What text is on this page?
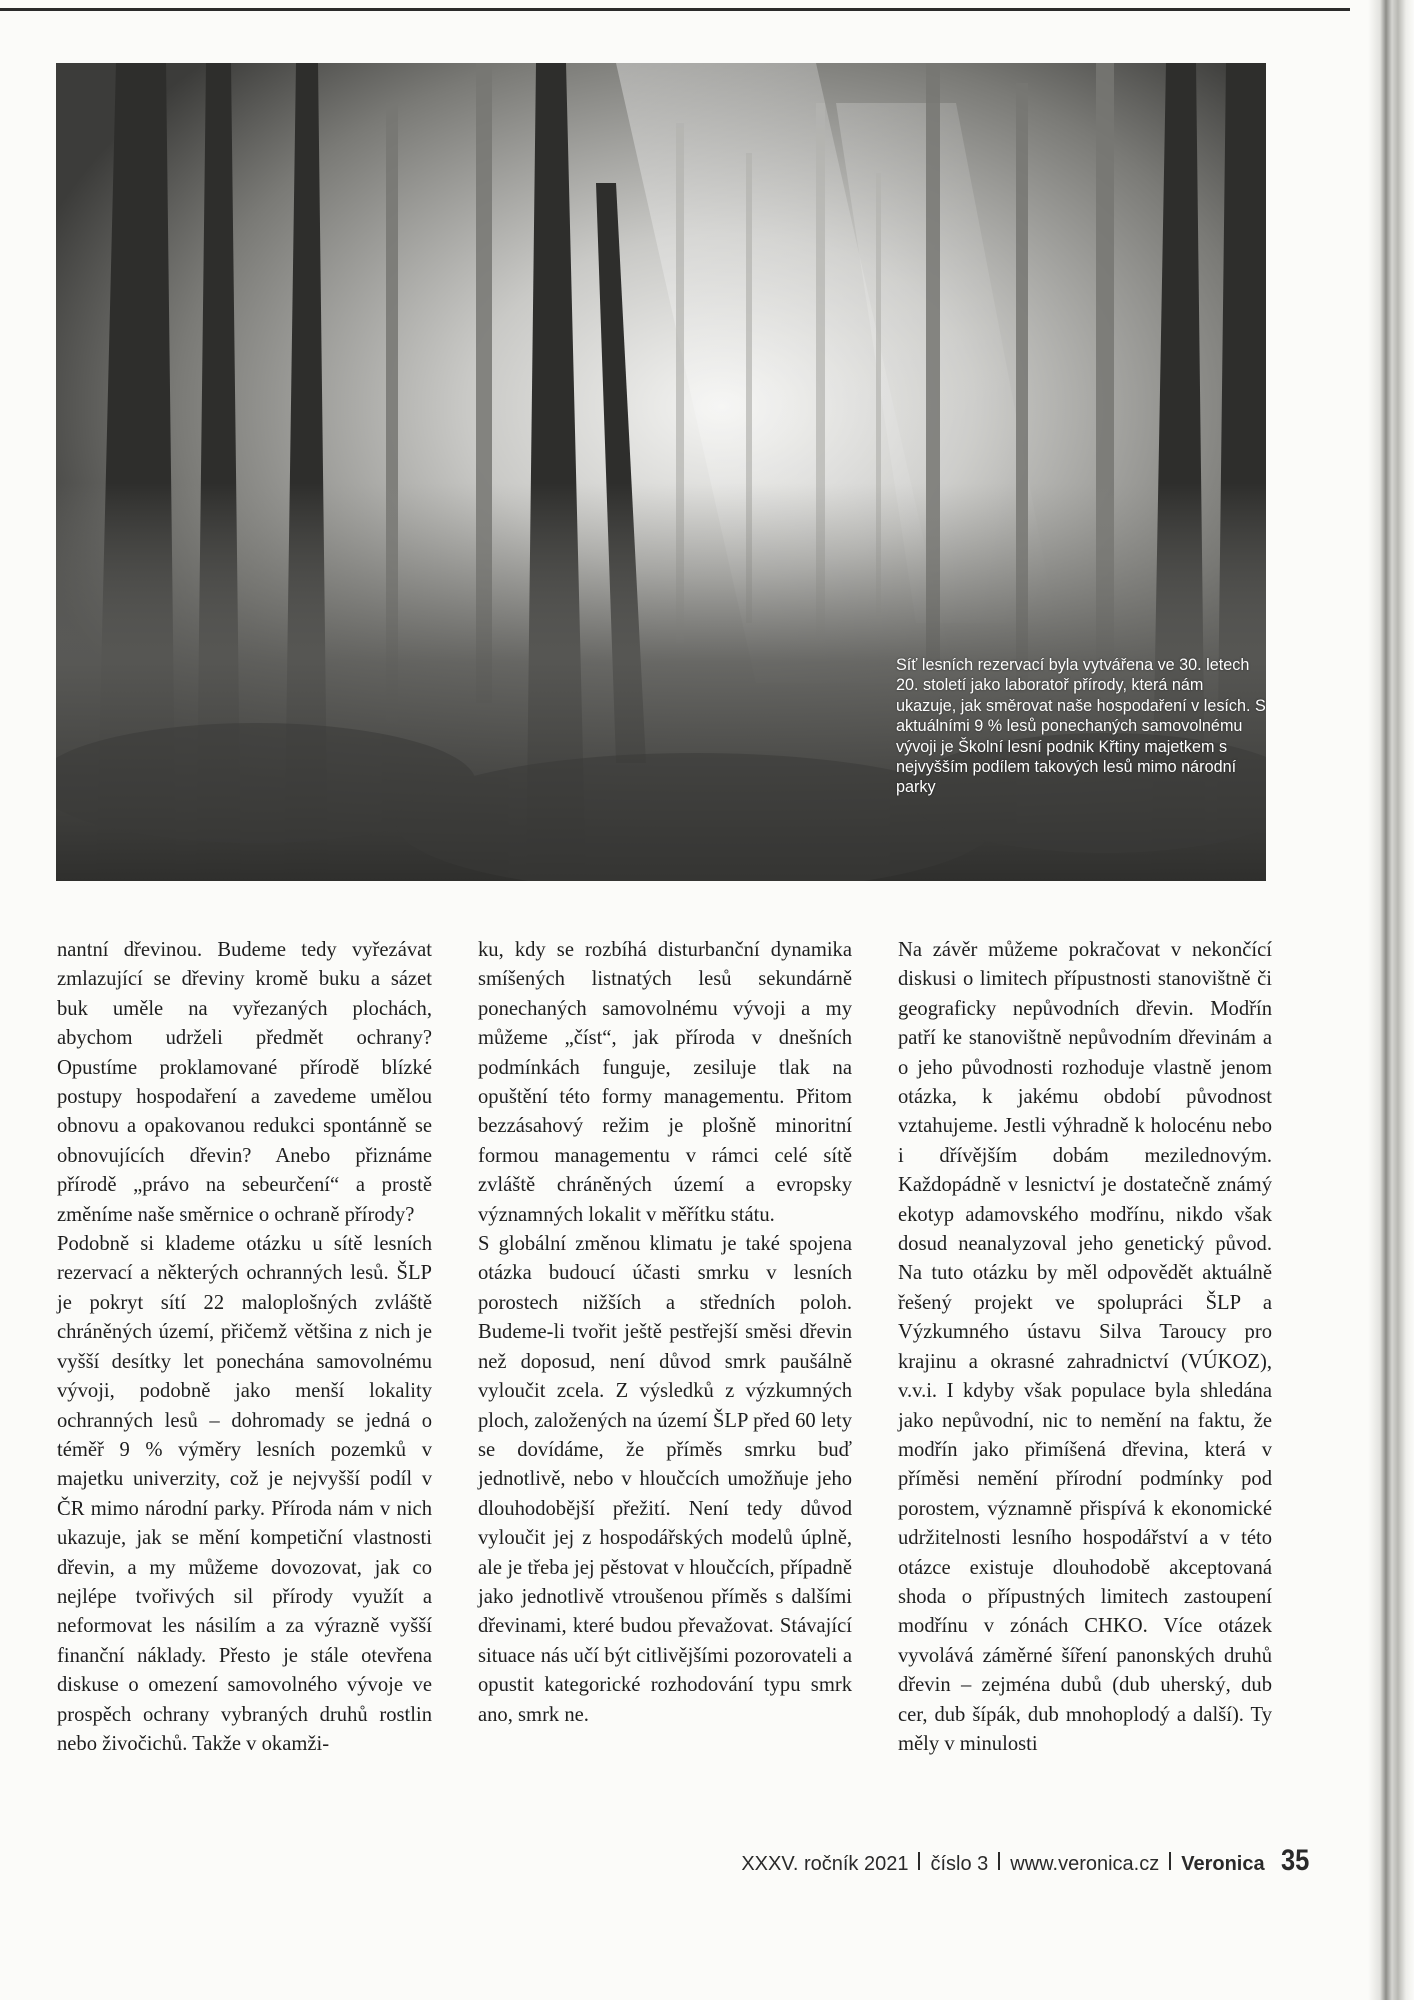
Síť lesních rezervací byla vytvářena ve 30. letech 20. století jako laboratoř přírody, která nám ukazuje, jak směrovat naše hospodaření v lesích. S aktuálními 9 % lesů ponechaných samovolnému vývoji je Školní lesní podnik Křtiny majetkem s nejvyšším podílem takových lesů mimo národní parky

nantní dřevinou. Budeme tedy vyřezávat zmlazující se dřeviny kromě buku a sázet buk uměle na vyřezaných plochách, abychom udrželi předmět ochrany? Opustíme proklamované přírodě blízké postupy hospodaření a zavedeme umělou obnovu a opakovanou redukci spontánně se obnovujících dřevin? Anebo přiznáme přírodě „právo na sebeurčení“ a prostě změníme naše směrnice o ochraně přírody?

Podobně si klademe otázku u sítě lesních rezervací a některých ochranných lesů. ŠLP je pokryt sítí 22 maloplošných zvláště chráněných území, přičemž většina z nich je vyšší desítky let ponechána samovolnému vývoji, podobně jako menší lokality ochranných lesů – dohromady se jedná o téměř 9 % výměry lesních pozemků v majetku univerzity, což je nejvyšší podíl v ČR mimo národní parky. Příroda nám v nich ukazuje, jak se mění kompetiční vlastnosti dřevin, a my můžeme dovozovat, jak co nejlépe tvořivých sil přírody využít a neformovat les násilím a za výrazně vyšší finanční náklady. Přesto je stále otevřena diskuse o omezení samovolného vývoje ve prospěch ochrany vybraných druhů rostlin nebo živočichů. Takže v okamži-

ku, kdy se rozbíhá disturbanční dynamika smíšených listnatých lesů sekundárně ponechaných samovolnému vývoji a my můžeme „číst“, jak příroda v dnešních podmínkách funguje, zesiluje tlak na opuštění této formy managementu. Přitom bezzásahový režim je plošně minoritní formou managementu v rámci celé sítě zvláště chráněných území a evropsky významných lokalit v měřítku státu.

S globální změnou klimatu je také spojena otázka budoucí účasti smrku v lesních porostech nižších a středních poloh. Budeme-li tvořit ještě pestřejší směsi dřevin než doposud, není důvod smrk paušálně vyloučit zcela. Z výsledků z výzkumných ploch, založených na území ŠLP před 60 lety se dovídáme, že příměs smrku buď jednotlivě, nebo v hloučcích umožňuje jeho dlouhodobější přežití. Není tedy důvod vyloučit jej z hospodářských modelů úplně, ale je třeba jej pěstovat v hloučcích, případně jako jednotlivě vtroušenou příměs s dalšími dřevinami, které budou převažovat. Stávající situace nás učí být citlivějšími pozorovateli a opustit kategorické rozhodování typu smrk ano, smrk ne.

Na závěr můžeme pokračovat v nekončící diskusi o limitech přípustnosti stanovištně či geograficky nepůvodních dřevin. Modřín patří ke stanovištně nepůvodním dřevinám a o jeho původnosti rozhoduje vlastně jenom otázka, k jakému období původnost vztahujeme. Jestli výhradně k holocénu nebo i dřívějším dobám mezilednovým. Každopádně v lesnictví je dostatečně známý ekotyp adamovského modřínu, nikdo však dosud neanalyzoval jeho genetický původ. Na tuto otázku by měl odpovědět aktuálně řešený projekt ve spolupráci ŠLP a Výzkumného ústavu Silva Taroucy pro krajinu a okrasné zahradnictví (VÚKOZ), v.v.i. I kdyby však populace byla shledána jako nepůvodní, nic to nemění na faktu, že modřín jako přimíšená dřevina, která v příměsi nemění přírodní podmínky pod porostem, významně přispívá k ekonomické udržitelnosti lesního hospodářství a v této otázce existuje dlouhodobě akceptovaná shoda o přípustných limitech zastoupení modřínu v zónách CHKO. Více otázek vyvolává záměrné šíření panonských druhů dřevin – zejména dubů (dub uherský, dub cer, dub šípák, dub mnohoplodý a další). Ty měly v minulosti

XXXV. ročník 2021 číslo 3 www.veronica.cz Veronica 35
